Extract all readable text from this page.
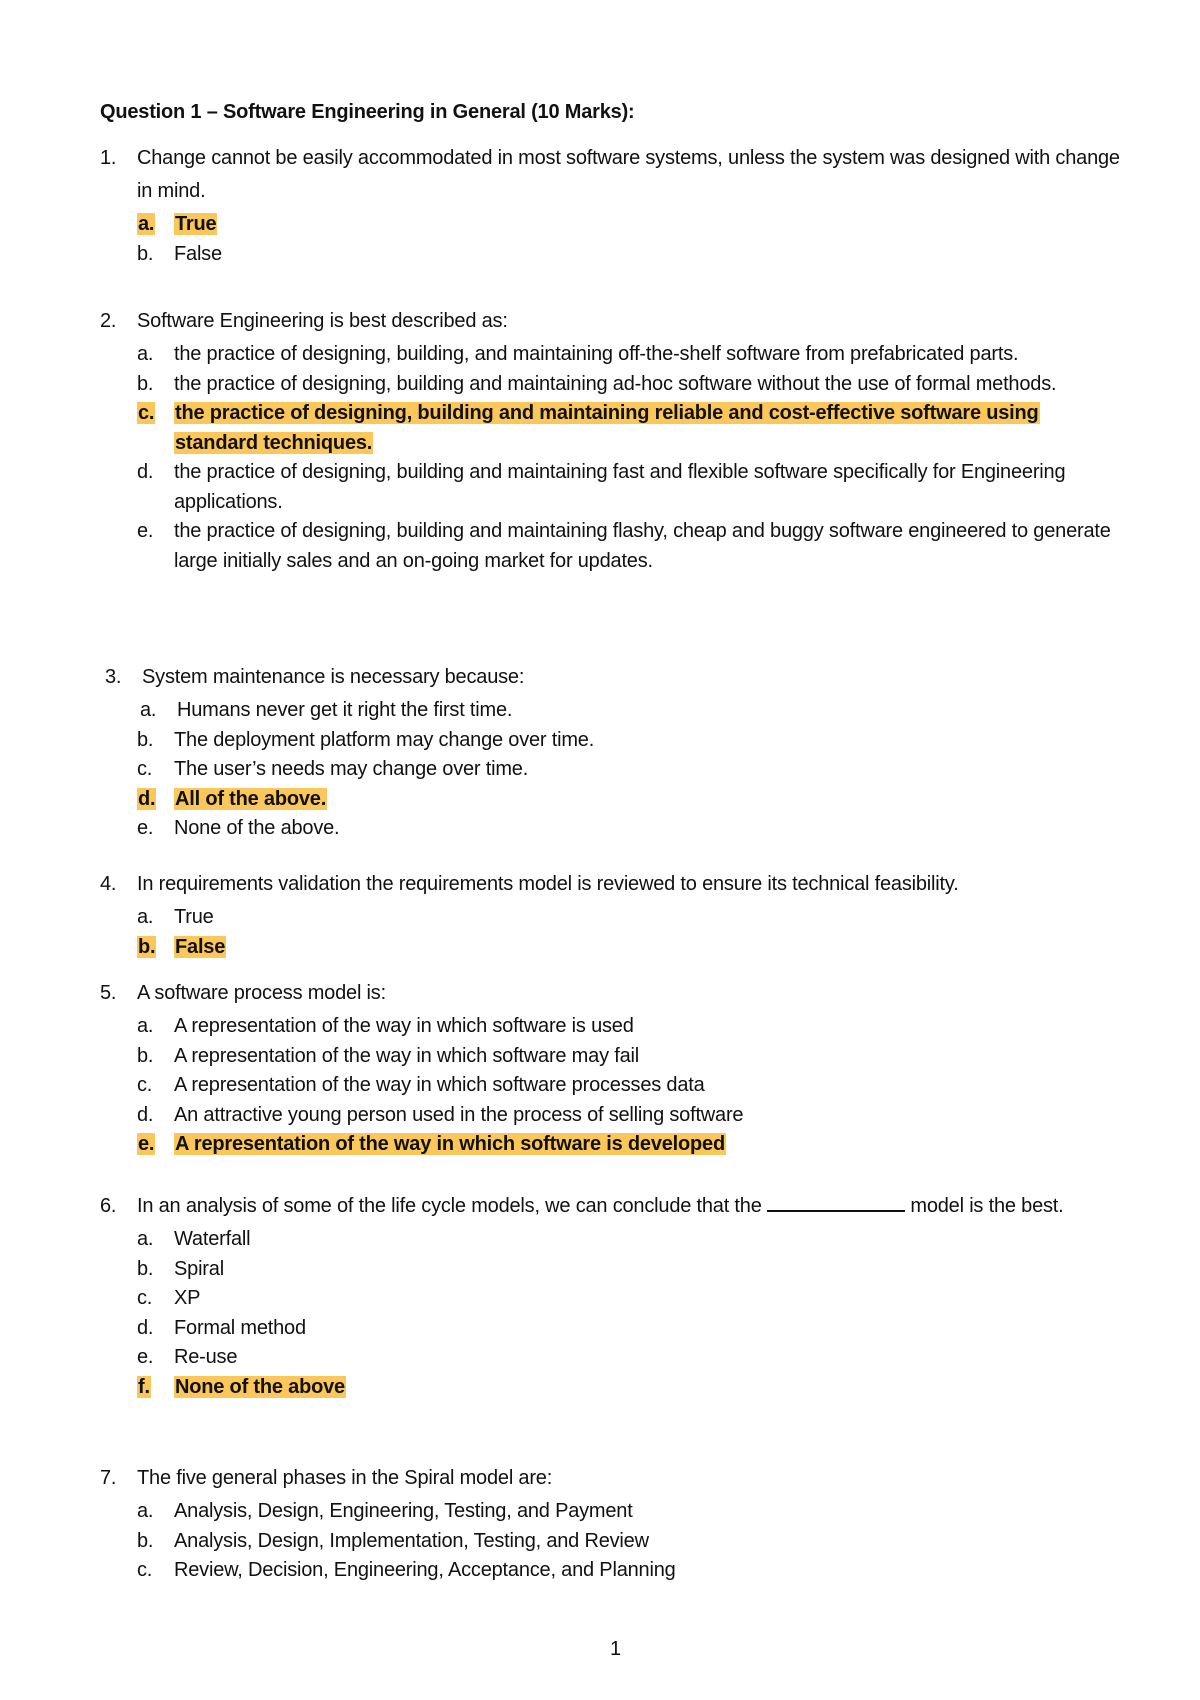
Question 1 – Software Engineering in General (10 Marks):
1.	Change cannot be easily accommodated in most software systems, unless the system was designed with change in mind.
a.	True
b.	False
2.	Software Engineering is best described as:
a.	the practice of designing, building, and maintaining off-the-shelf software from prefabricated parts.
b.	the practice of designing, building and maintaining ad-hoc software without the use of formal methods.
c.	the practice of designing, building and maintaining reliable and cost-effective software using standard techniques.
d.	the practice of designing, building and maintaining fast and flexible software specifically for Engineering applications.
e.	the practice of designing, building and maintaining flashy, cheap and buggy software engineered to generate large initially sales and an on-going market for updates.
3.	System maintenance is necessary because:
a.	Humans never get it right the first time.
b.	The deployment platform may change over time.
c.	The user’s needs may change over time.
d. All of the above.
e.	None of the above.
4.	In requirements validation the requirements model is reviewed to ensure its technical feasibility.
a.	True
b. False
5.	A software process model is:
a.	A representation of the way in which software is used
b.	A representation of the way in which software may fail
c.	A representation of the way in which software processes data
d.	An attractive young person used in the process of selling software
e.	A representation of the way in which software is developed
6.	In an analysis of some of the life cycle models, we can conclude that the	model is the best.
a.	Waterfall
b.	Spiral
c.	XP
d.	Formal method
e.	Re-use
f.	None of the above
7.	The five general phases in the Spiral model are:
a.	Analysis, Design, Engineering, Testing, and Payment
b.	Analysis, Design, Implementation, Testing, and Review
c.	Review, Decision, Engineering, Acceptance, and Planning
1
